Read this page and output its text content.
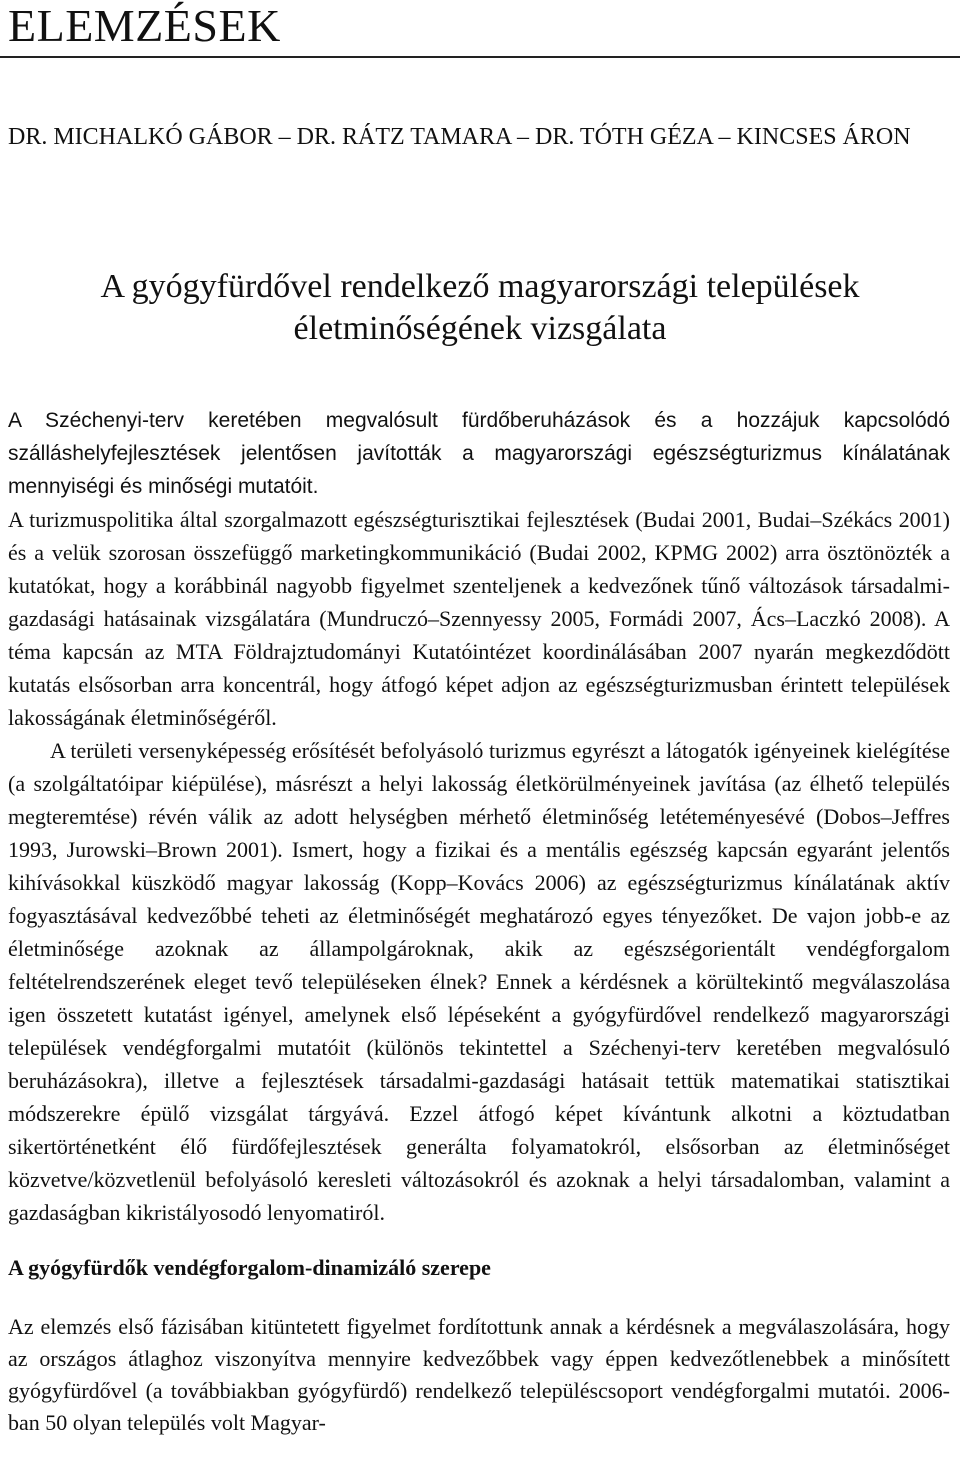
ELEMZÉSEK
DR. MICHALKÓ GÁBOR – DR. RÁTZ TAMARA – DR. TÓTH GÉZA – KINCSES ÁRON
A gyógyfürdővel rendelkező magyarországi települések
életminőségének vizsgálata

A Széchenyi-terv keretében megvalósult fürdőberuházások és a hozzájuk kapcsolódó szálláshelyfejlesztések jelentősen javították a magyarországi egészségturizmus kínálatának mennyiségi és minőségi mutatóit.

A turizmuspolitika által szorgalmazott egészségturisztikai fejlesztések (Budai 2001, Budai–Székács 2001) és a velük szorosan összefüggő marketingkommunikáció (Budai 2002, KPMG 2002) arra ösztönözték a kutatókat, hogy a korábbinál nagyobb figyelmet szenteljenek a kedvezőnek tűnő változások társadalmi-gazdasági hatásainak vizsgálatára (Mundruczó–Szennyessy 2005, Formádi 2007, Ács–Laczkó 2008). A téma kapcsán az MTA Földrajztudományi Kutatóintézet koordinálásában 2007 nyarán megkezdődött kutatás elsősorban arra koncentrál, hogy átfogó képet adjon az egészségturizmusban érintett települések lakosságának életminőségéről.

A területi versenyképesség erősítését befolyásoló turizmus egyrészt a látogatók igényeinek kielégítése (a szolgáltatóipar kiépülése), másrészt a helyi lakosság életkörülményeinek javítása (az élhető település megteremtése) révén válik az adott helységben mérhető életminőség letéteményesévé (Dobos–Jeffres 1993, Jurowski–Brown 2001). Ismert, hogy a fizikai és a mentális egészség kapcsán egyaránt jelentős kihívásokkal küszködő magyar lakosság (Kopp–Kovács 2006) az egészségturizmus kínálatának aktív fogyasztásával kedvezőbbé teheti az életminőségét meghatározó egyes tényezőket. De vajon jobb-e az életminősége azoknak az állampolgároknak, akik az egészségorientált vendégforgalom feltételrendszerének eleget tevő településeken élnek? Ennek a kérdésnek a körültekintő megválaszolása igen összetett kutatást igényel, amelynek első lépéseként a gyógyfürdővel rendelkező magyarországi települések vendégforgalmi mutatóit (különös tekintettel a Széchenyi-terv keretében megvalósuló beruházásokra), illetve a fejlesztések társadalmi-gazdasági hatásait tettük matematikai statisztikai módszerekre épülő vizsgálat tárgyává. Ezzel átfogó képet kívántunk alkotni a köztudatban sikertörténetként élő fürdőfejlesztések generálta folyamatokról, elsősorban az életminőséget közvetve/közvetlenül befolyásoló keresleti változásokról és azoknak a helyi társadalomban, valamint a gazdaságban kikristályosodó lenyomatiról.

A gyógyfürdők vendégforgalom-dinamizáló szerepe

Az elemzés első fázisában kitüntetett figyelmet fordítottunk annak a kérdésnek a megválaszolására, hogy az országos átlaghoz viszonyítva mennyire kedvezőbbek vagy éppen kedvezőtlenebbek a minősített gyógyfürdővel (a továbbiakban gyógyfürdő) rendelkező településcsoport vendégforgalmi mutatói. 2006-ban 50 olyan település volt Magyar-
